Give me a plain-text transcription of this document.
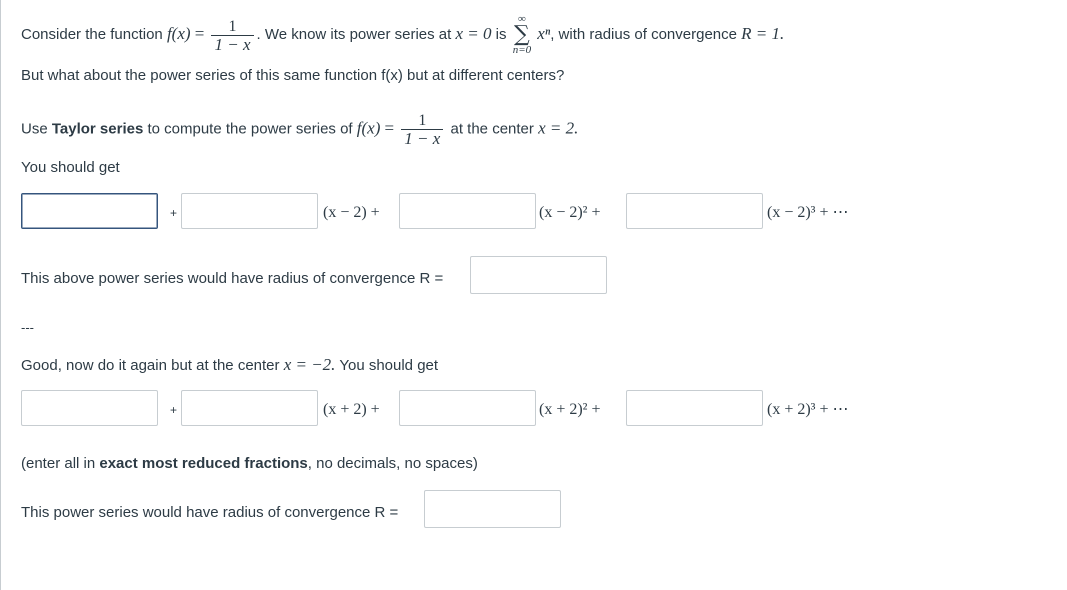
Consider the function $f(x) = \frac{1}{1 - x}$ . We know its power series at x = 0 is
∞
∑
n=0
xⁿ, with radius of convergence R = 1.
But what about the power series of this same function f(x) but at different centers?
Use Taylor series to compute the power series of $f(x) = \frac{1}{1 - x}$ at the center x = 2.
You should get
+	(x − 2) +	(x − 2)² +	(x − 2)³ + ⋯
This above power series would have radius of convergence R =
---
Good, now do it again but at the center x = −2. You should get
+	(x + 2) +	(x + 2)² +	(x + 2)³ + ⋯
(enter all in exact most reduced fractions, no decimals, no spaces)
This power series would have radius of convergence R =
